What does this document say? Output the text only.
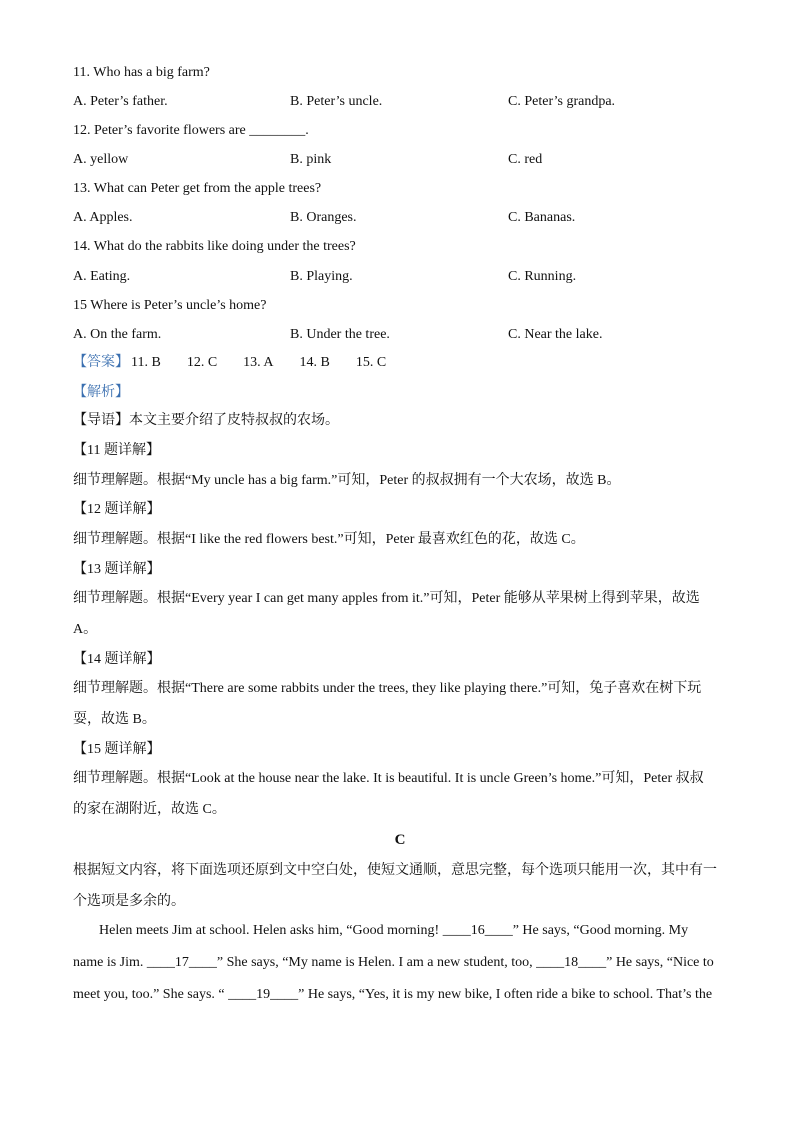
11. Who has a big farm?
A. Peter’s father.	B. Peter’s uncle.	C. Peter’s grandpa.
12. Peter’s favorite flowers are ________.
A. yellow	B. pink	C. red
13. What can Peter get from the apple trees?
A. Apples.	B. Oranges.	C. Bananas.
14. What do the rabbits like doing under the trees?
A. Eating.	B. Playing.	C. Running.
15 Where is Peter’s uncle’s home?
A. On the farm.	B. Under the tree.	C. Near the lake.
【答案】 11. B 12. C 13. A 14. B 15. C
【解析】
【导语】本文主要介绍了皮特叔叔的农场。
【11 题详解】
细节理解题。根据“My uncle has a big farm.”可知，Peter 的叔叔拥有一个大农场，故选 B。
【12 题详解】
细节理解题。根据“I like the red flowers best.”可知，Peter 最喜欢红色的花，故选 C。
【13 题详解】
细节理解题。根据“Every year I can get many apples from it.”可知，Peter 能够从苹果树上得到苹果，故选
A。
【14 题详解】
细节理解题。根据“There are some rabbits under the trees, they like playing there.”可知，兔子喜欢在树下玩
耍，故选 B。
【15 题详解】
细节理解题。根据“Look at the house near the lake. It is beautiful. It is uncle Green’s home.”可知，Peter 叔叔
的家在湖附近，故选 C。
C
根据短文内容，将下面选项还原到文中空白处，使短文通顺，意思完整，每个选项只能用一次，其中有一
个选项是多余的。
Helen meets Jim at school. Helen asks him, “Good morning! ____16____” He says, “Good morning. My
name is Jim. ____17____” She says, “My name is Helen. I am a new student, too, ____18____” He says, “Nice to
meet you, too.” She says. “ ____19____” He says, “Yes, it is my new bike, I often ride a bike to school. That’s the
